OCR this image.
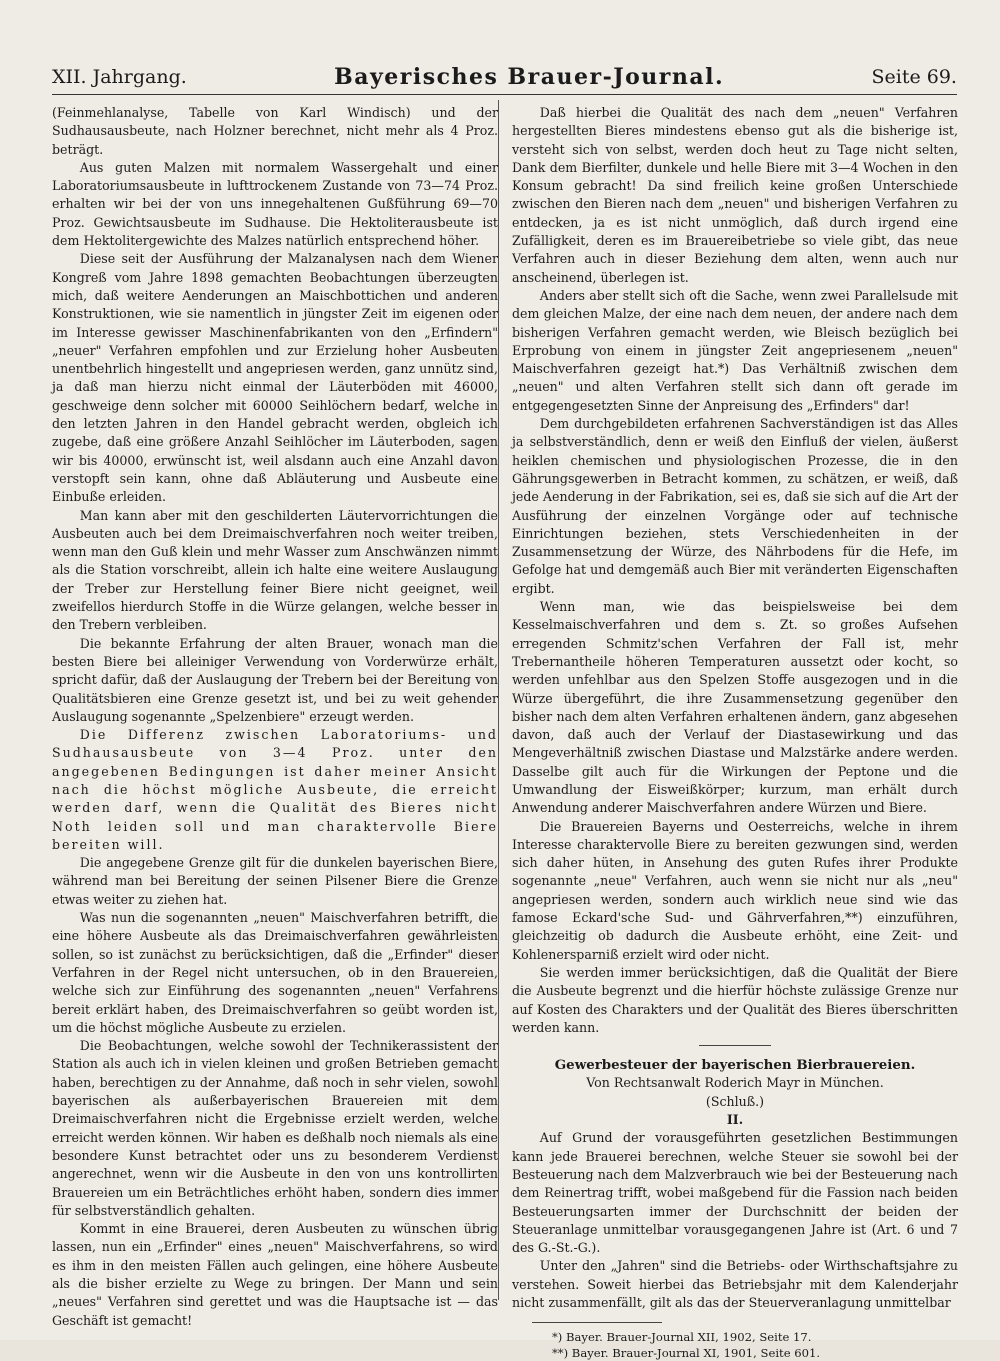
XII. Jahrgang.	Bayerisches Brauer-Journal.	Seite 69.

(Feinmehlanalyse, Tabelle von Karl Windisch) und der Sudhausausbeute, nach Holzner berechnet, nicht mehr als 4 Proz. beträgt.

Aus guten Malzen mit normalem Wassergehalt und einer Laboratoriumsausbeute in lufttrockenem Zustande von 73—74 Proz. erhalten wir bei der von uns innegehaltenen Gußführung 69—70 Proz. Gewichtsausbeute im Sudhause. Die Hektoliterausbeute ist dem Hektolitergewichte des Malzes natürlich entsprechend höher.

Diese seit der Ausführung der Malzanalysen nach dem Wiener Kongreß vom Jahre 1898 gemachten Beobachtungen überzeugten mich, daß weitere Aenderungen an Maischbottichen und anderen Konstruktionen, wie sie namentlich in jüngster Zeit im eigenen oder im Interesse gewisser Maschinenfabrikanten von den „Erfindern" „neuer" Verfahren empfohlen und zur Erzielung hoher Ausbeuten unentbehrlich hingestellt und angepriesen werden, ganz unnütz sind, ja daß man hierzu nicht einmal der Läuterböden mit 46000, geschweige denn solcher mit 60000 Seihlöchern bedarf, welche in den letzten Jahren in den Handel gebracht werden, obgleich ich zugebe, daß eine größere Anzahl Seihlöcher im Läuterboden, sagen wir bis 40000, erwünscht ist, weil alsdann auch eine Anzahl davon verstopft sein kann, ohne daß Abläuterung und Ausbeute eine Einbuße erleiden.

Man kann aber mit den geschilderten Läutervorrichtungen die Ausbeuten auch bei dem Dreimaischverfahren noch weiter treiben, wenn man den Guß klein und mehr Wasser zum Anschwänzen nimmt als die Station vorschreibt, allein ich halte eine weitere Auslaugung der Treber zur Herstellung feiner Biere nicht geeignet, weil zweifellos hierdurch Stoffe in die Würze gelangen, welche besser in den Trebern verbleiben.

Die bekannte Erfahrung der alten Brauer, wonach man die besten Biere bei alleiniger Verwendung von Vorderwürze erhält, spricht dafür, daß der Auslaugung der Trebern bei der Bereitung von Qualitätsbieren eine Grenze gesetzt ist, und bei zu weit gehender Auslaugung sogenannte „Spelzenbiere" erzeugt werden.

Die Differenz zwischen Laboratoriums- und Sudhausausbeute von 3—4 Proz. unter den angegebenen Bedingungen ist daher meiner Ansicht nach die höchst mögliche Ausbeute, die erreicht werden darf, wenn die Qualität des Bieres nicht Noth leiden soll und man charaktervolle Biere bereiten will.

Die angegebene Grenze gilt für die dunkelen bayerischen Biere, während man bei Bereitung der seinen Pilsener Biere die Grenze etwas weiter zu ziehen hat.

Was nun die sogenannten „neuen" Maischverfahren betrifft, die eine höhere Ausbeute als das Dreimaischverfahren gewährleisten sollen, so ist zunächst zu berücksichtigen, daß die „Erfinder" dieser Verfahren in der Regel nicht untersuchen, ob in den Brauereien, welche sich zur Einführung des sogenannten „neuen" Verfahrens bereit erklärt haben, des Dreimaischverfahren so geübt worden ist, um die höchst mögliche Ausbeute zu erzielen.

Die Beobachtungen, welche sowohl der Technikerassistent der Station als auch ich in vielen kleinen und großen Betrieben gemacht haben, berechtigen zu der Annahme, daß noch in sehr vielen, sowohl bayerischen als außerbayerischen Brauereien mit dem Dreimaischverfahren nicht die Ergebnisse erzielt werden, welche erreicht werden können. Wir haben es deßhalb noch niemals als eine besondere Kunst betrachtet oder uns zu besonderem Verdienst angerechnet, wenn wir die Ausbeute in den von uns kontrollirten Brauereien um ein Beträchtliches erhöht haben, sondern dies immer für selbstverständlich gehalten.

Kommt in eine Brauerei, deren Ausbeuten zu wünschen übrig lassen, nun ein „Erfinder" eines „neuen" Maischverfahrens, so wird es ihm in den meisten Fällen auch gelingen, eine höhere Ausbeute als die bisher erzielte zu Wege zu bringen. Der Mann und sein „neues" Verfahren sind gerettet und was die Hauptsache ist — das Geschäft ist gemacht!

Daß hierbei die Qualität des nach dem „neuen" Verfahren hergestellten Bieres mindestens ebenso gut als die bisherige ist, versteht sich von selbst, werden doch heut zu Tage nicht selten, Dank dem Bierfilter, dunkele und helle Biere mit 3—4 Wochen in den Konsum gebracht! Da sind freilich keine großen Unterschiede zwischen den Bieren nach dem „neuen" und bisherigen Verfahren zu entdecken, ja es ist nicht unmöglich, daß durch irgend eine Zufälligkeit, deren es im Brauereibetriebe so viele gibt, das neue Verfahren auch in dieser Beziehung dem alten, wenn auch nur anscheinend, überlegen ist.

Anders aber stellt sich oft die Sache, wenn zwei Parallelsude mit dem gleichen Malze, der eine nach dem neuen, der andere nach dem bisherigen Verfahren gemacht werden, wie Bleisch bezüglich bei Erprobung von einem in jüngster Zeit angepriesenem „neuen" Maischverfahren gezeigt hat.*) Das Verhältniß zwischen dem „neuen" und alten Verfahren stellt sich dann oft gerade im entgegengesetzten Sinne der Anpreisung des „Erfinders" dar!

Dem durchgebildeten erfahrenen Sachverständigen ist das Alles ja selbstverständlich, denn er weiß den Einfluß der vielen, äußerst heiklen chemischen und physiologischen Prozesse, die in den Gährungsgewerben in Betracht kommen, zu schätzen, er weiß, daß jede Aenderung in der Fabrikation, sei es, daß sie sich auf die Art der Ausführung der einzelnen Vorgänge oder auf technische Einrichtungen beziehen, stets Verschiedenheiten in der Zusammensetzung der Würze, des Nährbodens für die Hefe, im Gefolge hat und demgemäß auch Bier mit veränderten Eigenschaften ergibt.

Wenn man, wie das beispielsweise bei dem Kesselmaischverfahren und dem s. Zt. so großes Aufsehen erregenden Schmitz'schen Verfahren der Fall ist, mehr Trebernantheile höheren Temperaturen aussetzt oder kocht, so werden unfehlbar aus den Spelzen Stoffe ausgezogen und in die Würze übergeführt, die ihre Zusammensetzung gegenüber den bisher nach dem alten Verfahren erhaltenen ändern, ganz abgesehen davon, daß auch der Verlauf der Diastasewirkung und das Mengeverhältniß zwischen Diastase und Malzstärke andere werden. Dasselbe gilt auch für die Wirkungen der Peptone und die Umwandlung der Eisweißkörper; kurzum, man erhält durch Anwendung anderer Maischverfahren andere Würzen und Biere.

Die Brauereien Bayerns und Oesterreichs, welche in ihrem Interesse charaktervolle Biere zu bereiten gezwungen sind, werden sich daher hüten, in Ansehung des guten Rufes ihrer Produkte sogenannte „neue" Verfahren, auch wenn sie nicht nur als „neu" angepriesen werden, sondern auch wirklich neue sind wie das famose Eckard'sche Sud- und Gährverfahren,**) einzuführen, gleichzeitig ob dadurch die Ausbeute erhöht, eine Zeit- und Kohlenersparniß erzielt wird oder nicht.

Sie werden immer berücksichtigen, daß die Qualität der Biere die Ausbeute begrenzt und die hierfür höchste zulässige Grenze nur auf Kosten des Charakters und der Qualität des Bieres überschritten werden kann.

Gewerbesteuer der bayerischen Bierbrauereien.

Von Rechtsanwalt Roderich Mayr in München.

(Schluß.)

II.

Auf Grund der vorausgeführten gesetzlichen Bestimmungen kann jede Brauerei berechnen, welche Steuer sie sowohl bei der Besteuerung nach dem Malzverbrauch wie bei der Besteuerung nach dem Reinertrag trifft, wobei maßgebend für die Fassion nach beiden Besteuerungsarten immer der Durchschnitt der beiden der Steueranlage unmittelbar vorausgegangenen Jahre ist (Art. 6 und 7 des G.-St.-G.).

Unter den „Jahren" sind die Betriebs- oder Wirthschaftsjahre zu verstehen. Soweit hierbei das Betriebsjahr mit dem Kalenderjahr nicht zusammenfällt, gilt als das der Steuerveranlagung unmittelbar

*) Bayer. Brauer-Journal XII, 1902, Seite 17.

**) Bayer. Brauer-Journal XI, 1901, Seite 601.
